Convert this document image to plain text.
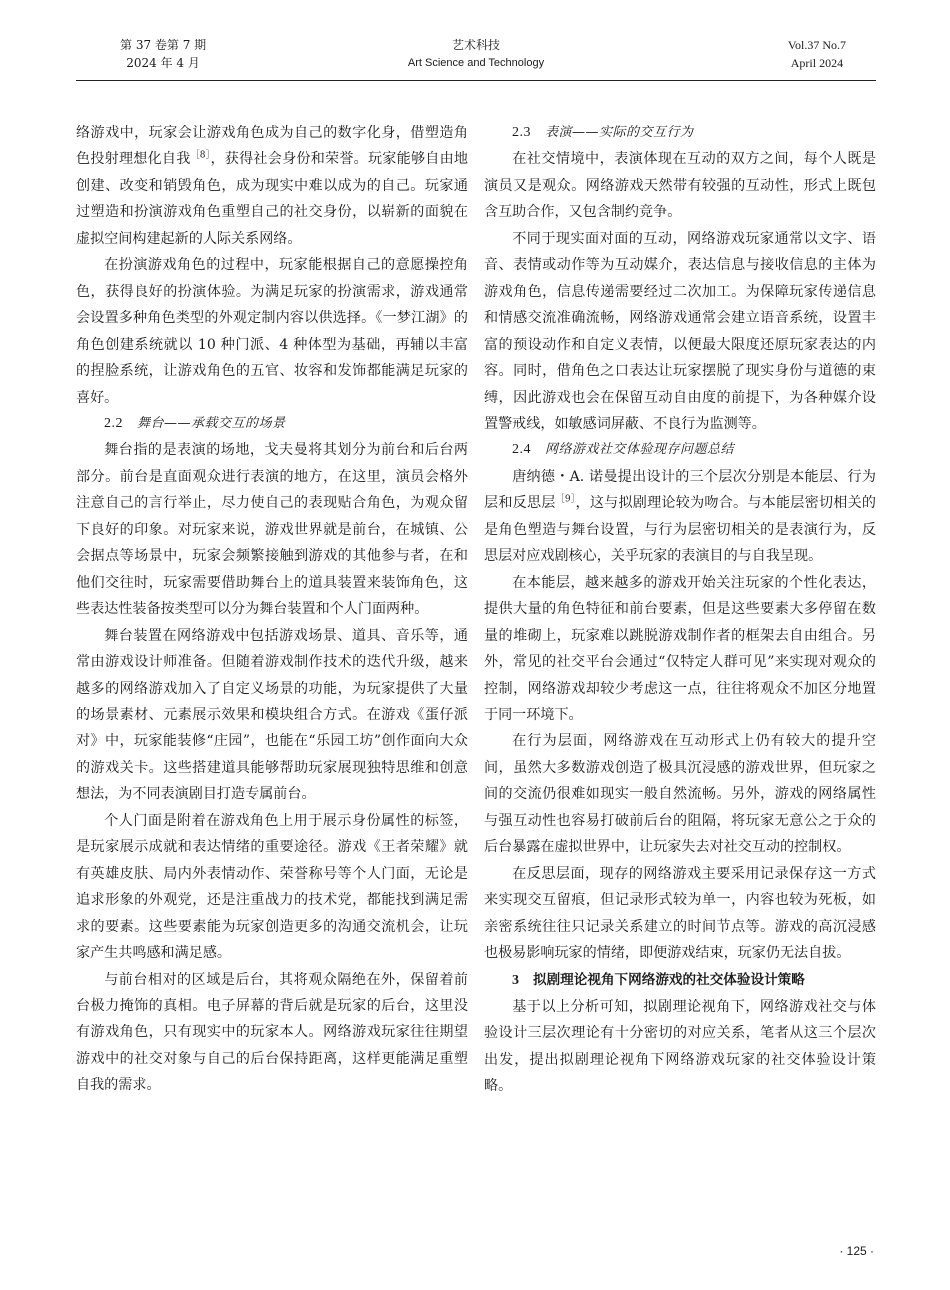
第 37 卷第 7 期
2024 年 4 月
艺术科技
Art Science and Technology
Vol.37 No.7
April 2024

络游戏中，玩家会让游戏角色成为自己的数字化身，借塑造角色投射理想化自我$^{[8]}$，获得社会身份和荣誉。玩家能够自由地创建、改变和销毁角色，成为现实中难以成为的自己。玩家通过塑造和扮演游戏角色重塑自己的社交身份，以崭新的面貌在虚拟空间构建起新的人际关系网络。

在扮演游戏角色的过程中，玩家能根据自己的意愿操控角色，获得良好的扮演体验。为满足玩家的扮演需求，游戏通常会设置多种角色类型的外观定制内容以供选择。《一梦江湖》的角色创建系统就以 10 种门派、4 种体型为基础，再辅以丰富的捏脸系统，让游戏角色的五官、妆容和发饰都能满足玩家的喜好。

2.2 舞台——承载交互的场景

舞台指的是表演的场地，戈夫曼将其划分为前台和后台两部分。前台是直面观众进行表演的地方，在这里，演员会格外注意自己的言行举止，尽力使自己的表现贴合角色，为观众留下良好的印象。对玩家来说，游戏世界就是前台，在城镇、公会据点等场景中，玩家会频繁接触到游戏的其他参与者，在和他们交往时，玩家需要借助舞台上的道具装置来装饰角色，这些表达性装备按类型可以分为舞台装置和个人门面两种。

舞台装置在网络游戏中包括游戏场景、道具、音乐等，通常由游戏设计师准备。但随着游戏制作技术的迭代升级，越来越多的网络游戏加入了自定义场景的功能，为玩家提供了大量的场景素材、元素展示效果和模块组合方式。在游戏《蛋仔派对》中，玩家能装修“庄园”，也能在“乐园工坊”创作面向大众的游戏关卡。这些搭建道具能够帮助玩家展现独特思维和创意想法，为不同表演剧目打造专属前台。

个人门面是附着在游戏角色上用于展示身份属性的标签，是玩家展示成就和表达情绪的重要途径。游戏《王者荣耀》就有英雄皮肤、局内外表情动作、荣誉称号等个人门面，无论是追求形象的外观党，还是注重战力的技术党，都能找到满足需求的要素。这些要素能为玩家创造更多的沟通交流机会，让玩家产生共鸣感和满足感。

与前台相对的区域是后台，其将观众隔绝在外，保留着前台极力掩饰的真相。电子屏幕的背后就是玩家的后台，这里没有游戏角色，只有现实中的玩家本人。网络游戏玩家往往期望游戏中的社交对象与自己的后台保持距离，这样更能满足重塑自我的需求。

2.3 表演——实际的交互行为

在社交情境中，表演体现在互动的双方之间，每个人既是演员又是观众。网络游戏天然带有较强的互动性，形式上既包含互助合作，又包含制约竞争。

不同于现实面对面的互动，网络游戏玩家通常以文字、语音、表情或动作等为互动媒介，表达信息与接收信息的主体为游戏角色，信息传递需要经过二次加工。为保障玩家传递信息和情感交流准确流畅，网络游戏通常会建立语音系统，设置丰富的预设动作和自定义表情，以便最大限度还原玩家表达的内容。同时，借角色之口表达让玩家摆脱了现实身份与道德的束缚，因此游戏也会在保留互动自由度的前提下，为各种媒介设置警戒线，如敏感词屏蔽、不良行为监测等。

2.4 网络游戏社交体验现存问题总结

唐纳德・A. 诺曼提出设计的三个层次分别是本能层、行为层和反思层$^{[9]}$，这与拟剧理论较为吻合。与本能层密切相关的是角色塑造与舞台设置，与行为层密切相关的是表演行为，反思层对应戏剧核心，关乎玩家的表演目的与自我呈现。

在本能层，越来越多的游戏开始关注玩家的个性化表达，提供大量的角色特征和前台要素，但是这些要素大多停留在数量的堆砌上，玩家难以跳脱游戏制作者的框架去自由组合。另外，常见的社交平台会通过“仅特定人群可见”来实现对观众的控制，网络游戏却较少考虑这一点，往往将观众不加区分地置于同一环境下。

在行为层面，网络游戏在互动形式上仍有较大的提升空间，虽然大多数游戏创造了极具沉浸感的游戏世界，但玩家之间的交流仍很难如现实一般自然流畅。另外，游戏的网络属性与强互动性也容易打破前后台的阻隔，将玩家无意公之于众的后台暴露在虚拟世界中，让玩家失去对社交互动的控制权。

在反思层面，现存的网络游戏主要采用记录保存这一方式来实现交互留痕，但记录形式较为单一，内容也较为死板，如亲密系统往往只记录关系建立的时间节点等。游戏的高沉浸感也极易影响玩家的情绪，即便游戏结束，玩家仍无法自拔。

3 拟剧理论视角下网络游戏的社交体验设计策略

基于以上分析可知，拟剧理论视角下，网络游戏社交与体验设计三层次理论有十分密切的对应关系，笔者从这三个层次出发，提出拟剧理论视角下网络游戏玩家的社交体验设计策略。

· 125 ·
